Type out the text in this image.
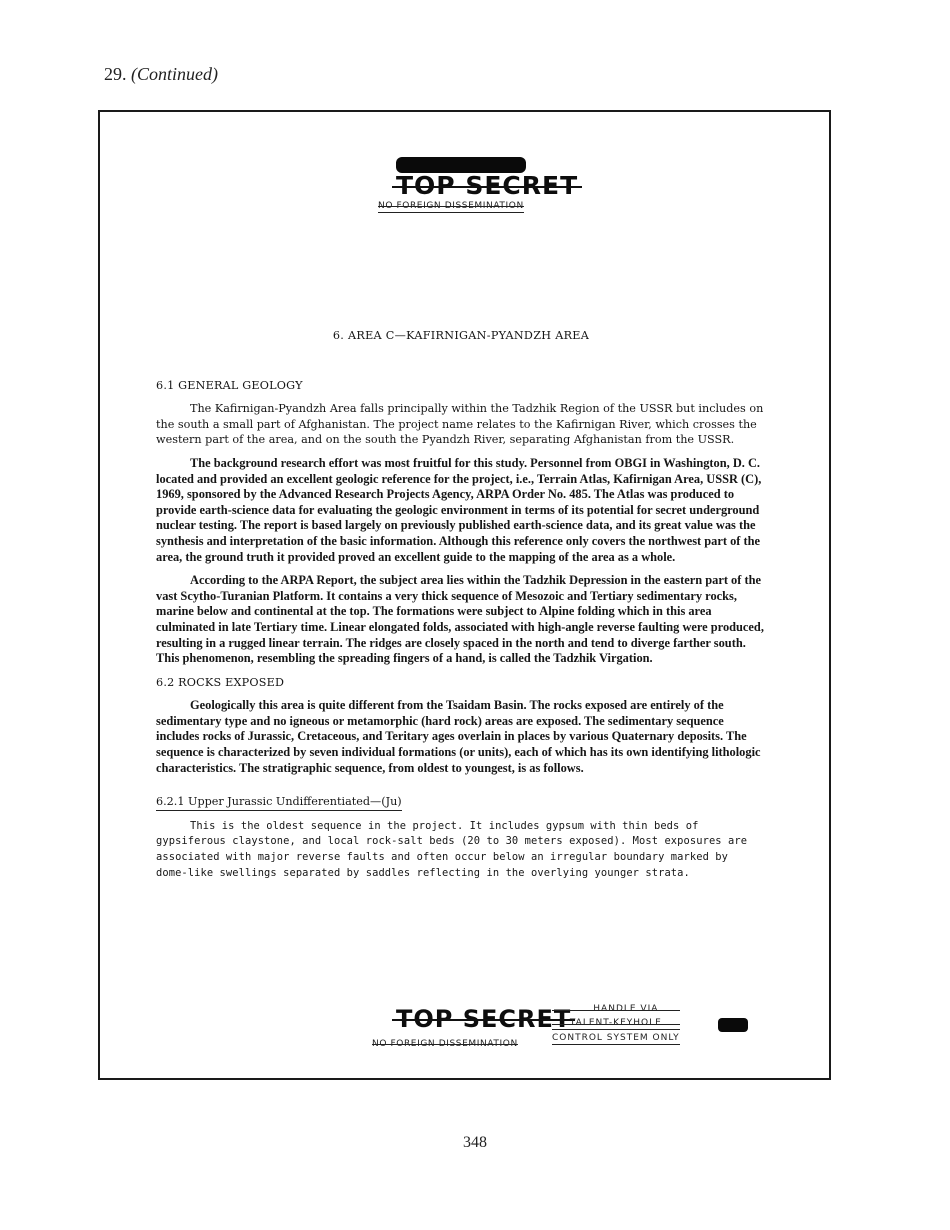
29. (Continued)
TOP SECRET
NO FOREIGN DISSEMINATION
6. AREA C—KAFIRNIGAN-PYANDZH AREA
6.1 GENERAL GEOLOGY

The Kafirnigan-Pyandzh Area falls principally within the Tadzhik Region of the USSR but includes on the south a small part of Afghanistan. The project name relates to the Kafirnigan River, which crosses the western part of the area, and on the south the Pyandzh River, separating Afghanistan from the USSR.

The background research effort was most fruitful for this study. Personnel from OBGI in Washington, D. C. located and provided an excellent geologic reference for the project, i.e., Terrain Atlas, Kafirnigan Area, USSR (C), 1969, sponsored by the Advanced Research Projects Agency, ARPA Order No. 485. The Atlas was produced to provide earth-science data for evaluating the geologic environment in terms of its potential for secret underground nuclear testing. The report is based largely on previously published earth-science data, and its great value was the synthesis and interpretation of the basic information. Although this reference only covers the northwest part of the area, the ground truth it provided proved an excellent guide to the mapping of the area as a whole.

According to the ARPA Report, the subject area lies within the Tadzhik Depression in the eastern part of the vast Scytho-Turanian Platform. It contains a very thick sequence of Mesozoic and Tertiary sedimentary rocks, marine below and continental at the top. The formations were subject to Alpine folding which in this area culminated in late Tertiary time. Linear elongated folds, associated with high-angle reverse faulting were produced, resulting in a rugged linear terrain. The ridges are closely spaced in the north and tend to diverge farther south. This phenomenon, resembling the spreading fingers of a hand, is called the Tadzhik Virgation.

6.2 ROCKS EXPOSED

Geologically this area is quite different from the Tsaidam Basin. The rocks exposed are entirely of the sedimentary type and no igneous or metamorphic (hard rock) areas are exposed. The sedimentary sequence includes rocks of Jurassic, Cretaceous, and Teritary ages overlain in places by various Quaternary deposits. The sequence is characterized by seven individual formations (or units), each of which has its own identifying lithologic characteristics. The stratigraphic sequence, from oldest to youngest, is as follows.

6.2.1 Upper Jurassic Undifferentiated—(Ju)

This is the oldest sequence in the project. It includes gypsum with thin beds of gypsiferous claystone, and local rock-salt beds (20 to 30 meters exposed). Most exposures are associated with major reverse faults and often occur below an irregular boundary marked by dome-like swellings separated by saddles reflecting in the overlying younger strata.

TOP SECRET
NO FOREIGN DISSEMINATION
HANDLE VIA
TALENT-KEYHOLE
CONTROL SYSTEM ONLY
348
